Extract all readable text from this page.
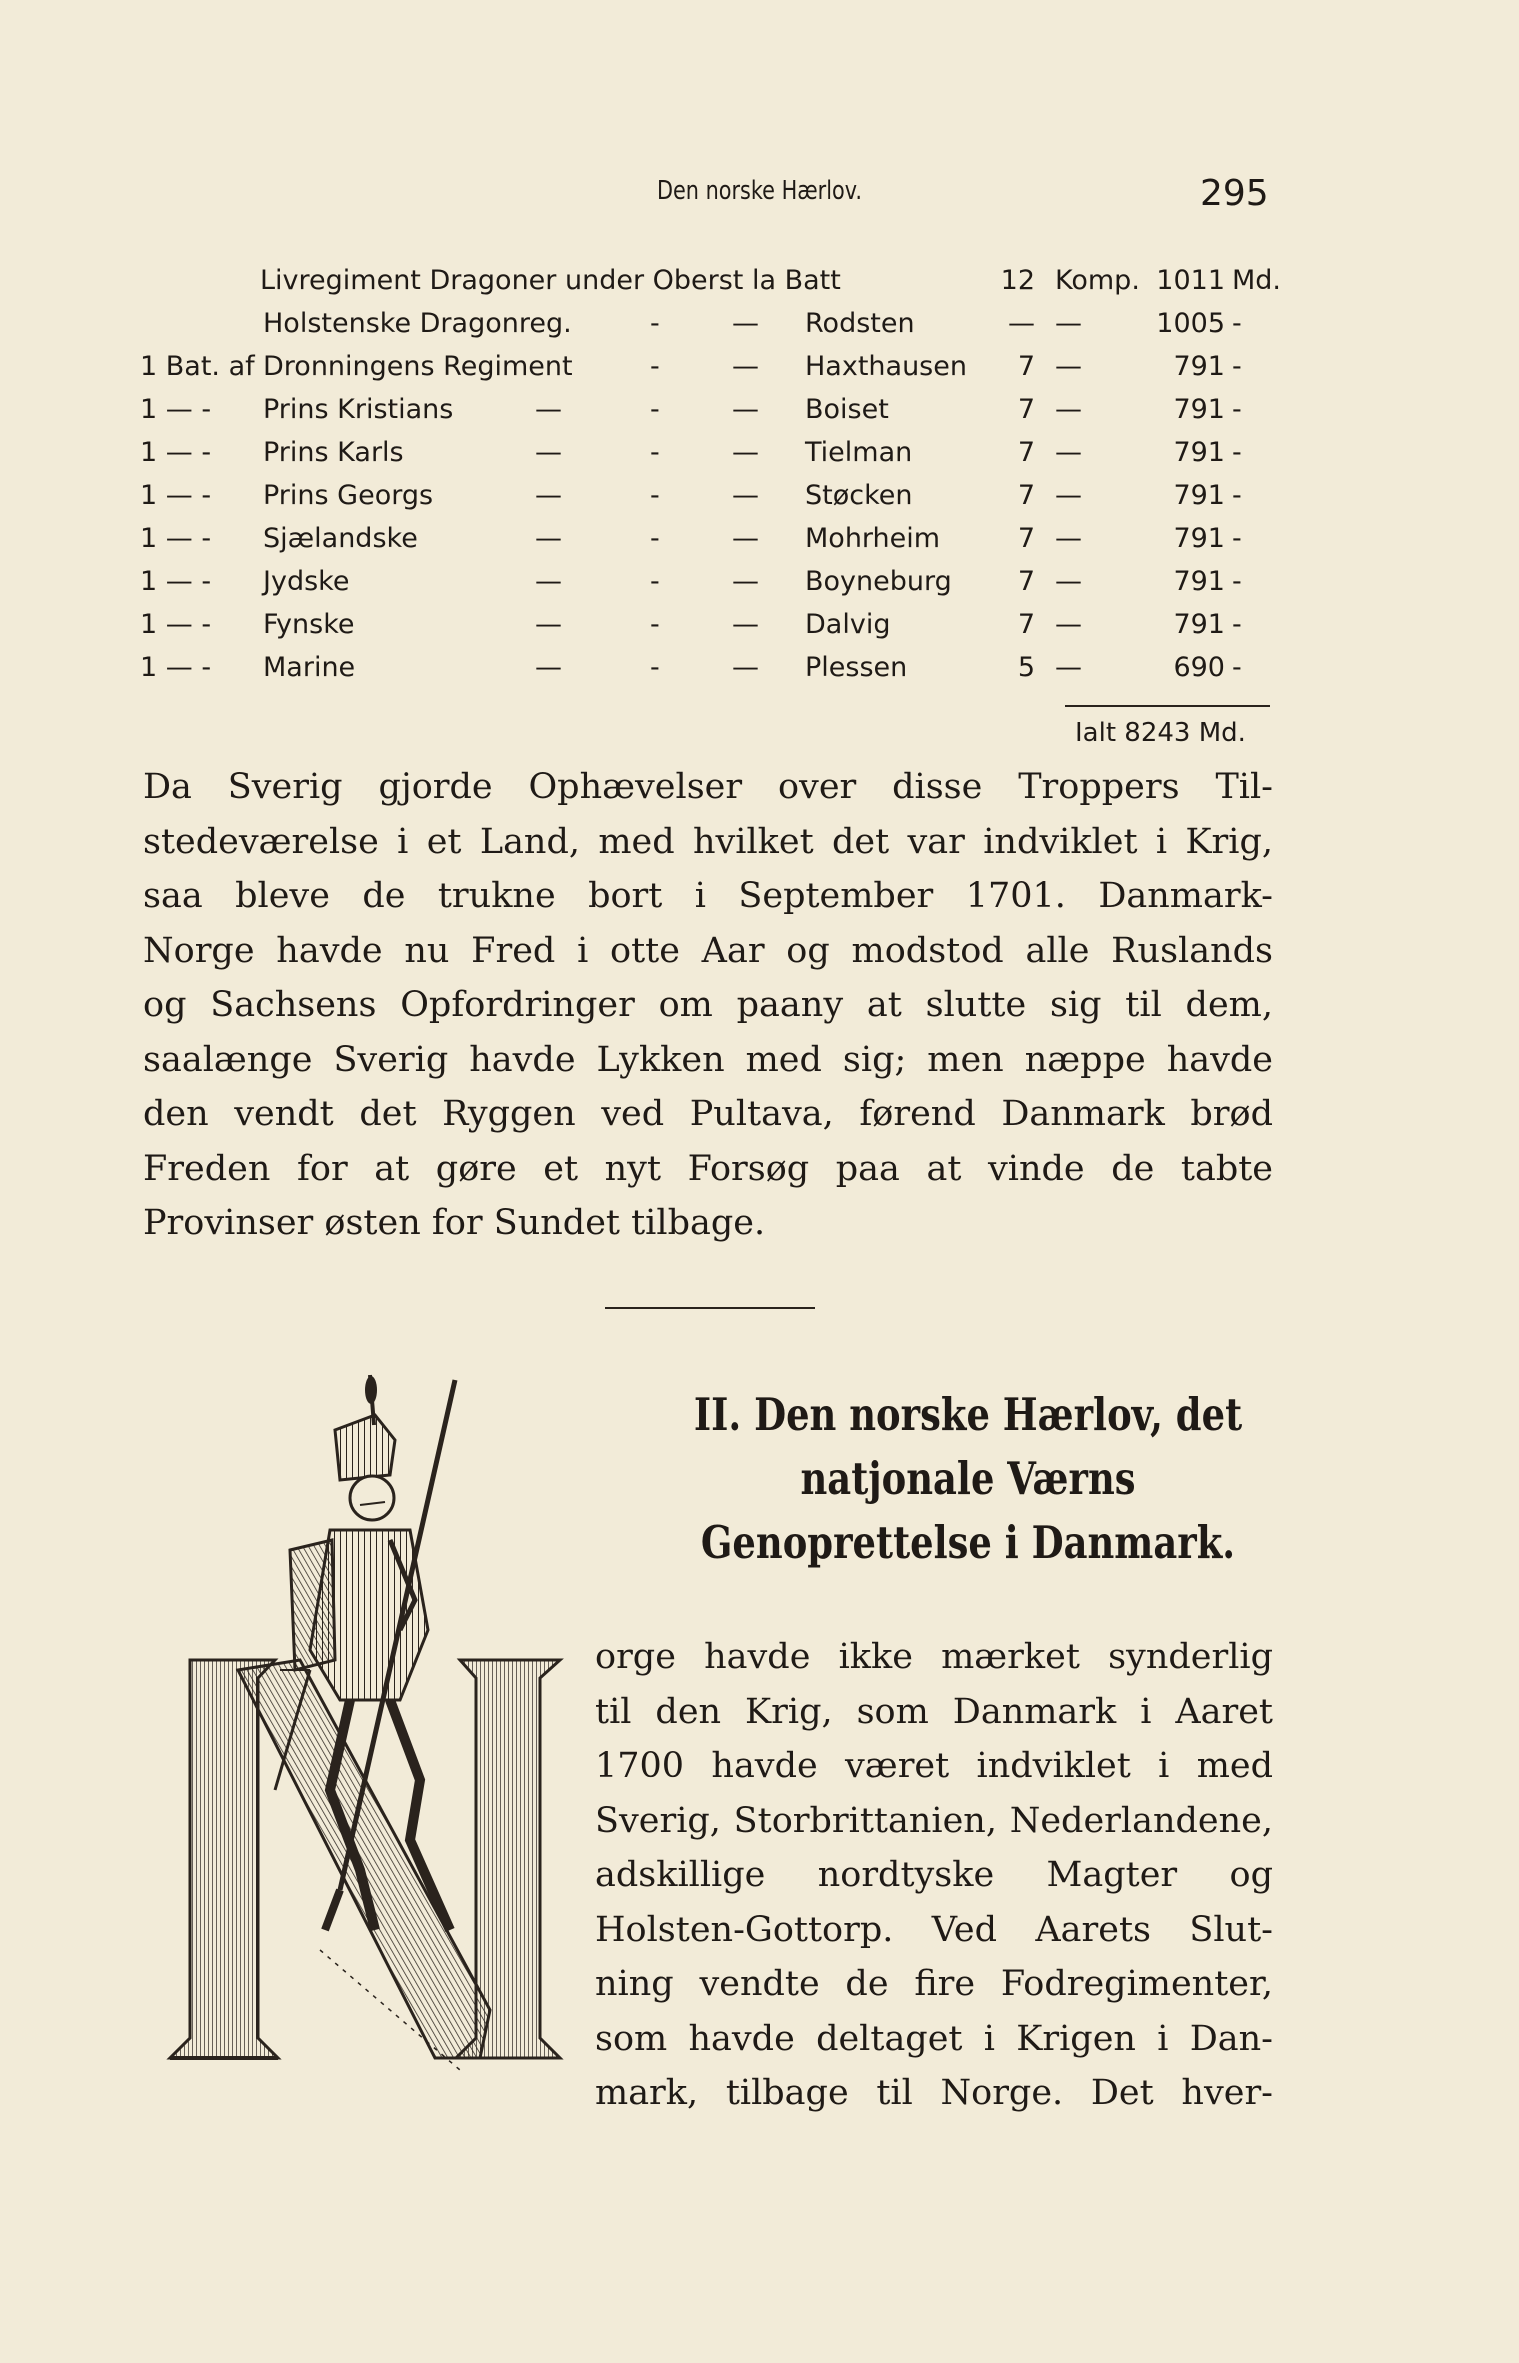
Den norske Hærlov.	295
Livregiment Dragoner under Oberst la Batt	12 Komp. 1011 Md.
Holstenske Dragonreg.	-	— Rodsten	— —	1005 -
1 Bat. af Dronningens Regiment	-	— Haxthausen	7 —	791 -
1 — - Prins Kristians	—	-	— Boiset	7 —	791 -
1 — - Prins Karls	—	-	— Tielman	7 —	791 -
1 — - Prins Georgs	—	-	— Støcken	7 —	791 -
1 — - Sjælandske	—	-	— Mohrheim	7 —	791 -
1 — - Jydske	—	-	— Boyneburg	7 —	791 -
1 — - Fynske	—	-	— Dalvig	7 —	791 -
1 — - Marine	—	-	— Plessen	5 —	690 -
Ialt 8243 Md.
Da Sverig gjorde Ophævelser over disse Troppers Til-
stedeværelse i et Land, med hvilket det var indviklet i Krig,
saa bleve de trukne bort i September 1701. Danmark-
Norge havde nu Fred i otte Aar og modstod alle Ruslands
og Sachsens Opfordringer om paany at slutte sig til dem,
saalænge Sverig havde Lykken med sig; men næppe havde
den vendt det Ryggen ved Pultava, førend Danmark brød
Freden for at gøre et nyt Forsøg paa at vinde de tabte
Provinser østen for Sundet tilbage.
II. Den norske Hærlov, det
natjonale Værns
Genoprettelse i Danmark.
orge havde ikke mærket synderlig
til den Krig, som Danmark i Aaret
1700 havde været indviklet i med
Sverig, Storbrittanien, Nederlandene,
adskillige nordtyske Magter og
Holsten-Gottorp. Ved Aarets Slut-
ning vendte de fire Fodregimenter,
som havde deltaget i Krigen i Dan-
mark, tilbage til Norge. Det hver-
